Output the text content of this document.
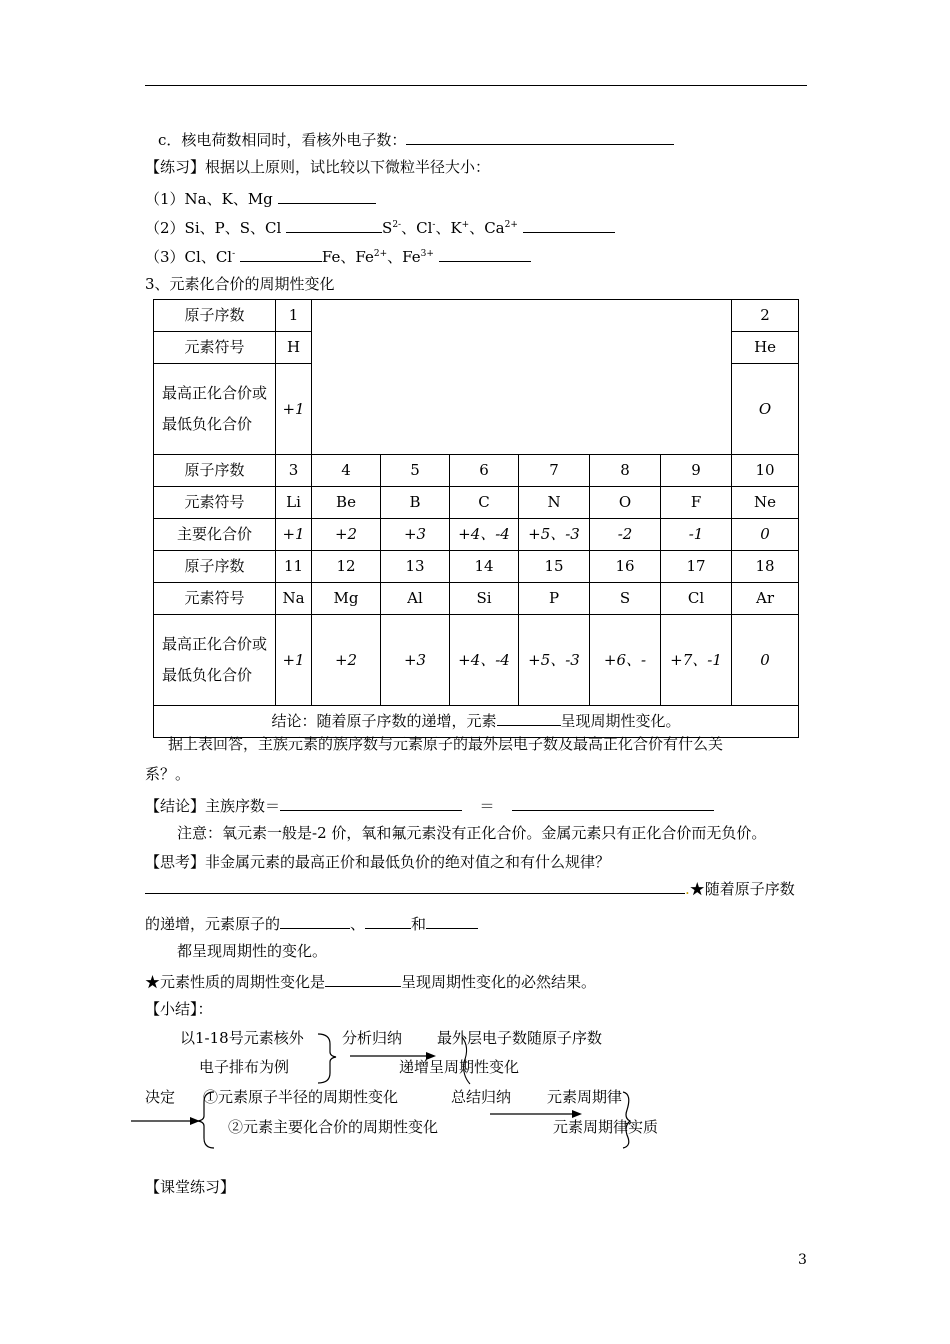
c．核电荷数相同时，看核外电子数：
【练习】根据以上原则，试比较以下微粒半径大小：
（1）Na、K、Mg
（2）Si、P、S、Cl	$S^{2-}$、Cl-、K+、$Ca^{2+}$
（3）Cl、Cl-	Fe、$Fe^{2+}$、$Fe^{3+}$
3、元素化合价的周期性变化
原子序数	1							2
元素符号	H							He

最高正化合价或最低负化合价	+1							O
原子序数	3	4	5	6	7	8	9	10
元素符号	Li	Be	B	C	N	O	F	Ne
主要化合价	+1	+2	+3	+4、-4	+5、-3	-2	-1	0
原子序数	11	12	13	14	15	16	17	18
元素符号	Na	Mg	Al	Si	P	S	Cl	Ar

最高正化合价或最低负化合价	+1	+2	+3	+4、-4	+5、-3	+6、-	+7、-1	0
结论：随着原子序数的递增，元素 呈现周期性变化。								
据上表回答，主族元素的族序数与元素原子的最外层电子数及最高正化合价有什么关
系？。
【结论】主族序数＝	＝
注意：氧元素一般是-2 价，氧和氟元素没有正化合价。金属元素只有正化合价而无负价。
【思考】非金属元素的最高正价和最低负价的绝对值之和有什么规律？
.★随着原子序数
的递增，元素原子的	、	和
都呈现周期性的变化。
★元素性质的周期性变化是	呈现周期性变化的必然结果。
【小结】：
以1-18号元素核外
电子排布为例
分析归纳 最外层电子数随原子序数
递增呈周期性变化
决定 ①元素原子半径的周期性变化
②元素主要化合价的周期性变化
总结归纳 元素周期律
元素周期律实质
【课堂练习】
3
